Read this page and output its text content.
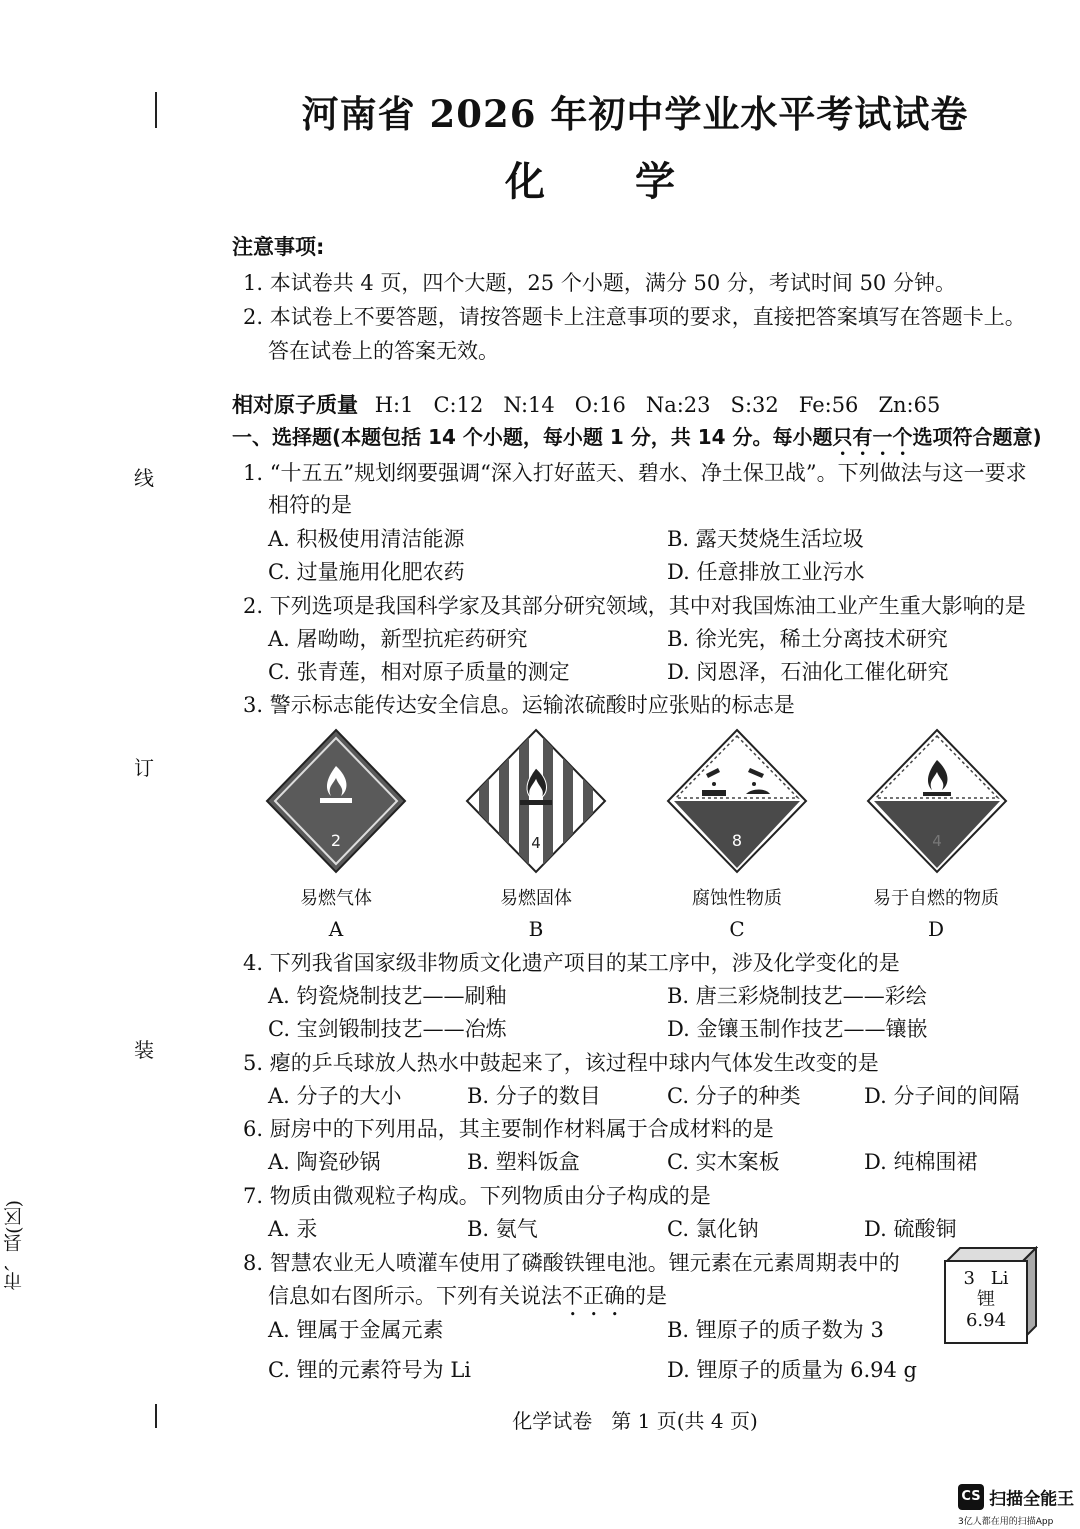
线
订
装
市、县(区)
河南省 2026 年初中学业水平考试试卷
化学
注意事项:
1. 本试卷共 4 页，四个大题，25 个小题，满分 50 分，考试时间 50 分钟。
2. 本试卷上不要答题，请按答题卡上注意事项的要求，直接把答案填写在答题卡上。
答在试卷上的答案无效。
相对原子质量 H:1   C:12   N:14   O:16   Na:23   S:32   Fe:56   Zn:65
一、选择题(本题包括 14 个小题，每小题 1 分，共 14 分。每小题只有一个选项符合题意)
1. “十五五”规划纲要强调“深入打好蓝天、碧水、净土保卫战”。下列做法与这一要求
相符的是
A. 积极使用清洁能源	B. 露天焚烧生活垃圾
C. 过量施用化肥农药	D. 任意排放工业污水
2. 下列选项是我国科学家及其部分研究领域，其中对我国炼油工业产生重大影响的是
A. 屠呦呦，新型抗疟药研究	B. 徐光宪，稀土分离技术研究
C. 张青莲，相对原子质量的测定	D. 闵恩泽，石油化工催化研究
3. 警示标志能传达安全信息。运输浓硫酸时应张贴的标志是
2
易燃气体
A
4
易燃固体
B
8
腐蚀性物质
C
4
易于自燃的物质
D
4. 下列我省国家级非物质文化遗产项目的某工序中，涉及化学变化的是
A. 钧瓷烧制技艺——刷釉	B. 唐三彩烧制技艺——彩绘
C. 宝剑锻制技艺——冶炼	D. 金镶玉制作技艺——镶嵌
5. 瘪的乒乓球放人热水中鼓起来了，该过程中球内气体发生改变的是
A. 分子的大小	B. 分子的数目	C. 分子的种类	D. 分子间的间隔
6. 厨房中的下列用品，其主要制作材料属于合成材料的是
A. 陶瓷砂锅	B. 塑料饭盒	C. 实木案板	D. 纯棉围裙
7. 物质由微观粒子构成。下列物质由分子构成的是
A. 汞	B. 氨气	C. 氯化钠	D. 硫酸铜
8. 智慧农业无人喷灌车使用了磷酸铁锂电池。锂元素在元素周期表中的
信息如右图所示。下列有关说法不正确的是
A. 锂属于金属元素	B. 锂原子的质子数为 3
C. 锂的元素符号为 Li	D. 锂原子的质量为 6.94 g
3 Li
锂
6.94
化学试卷   第 1 页(共 4 页)
CS 扫描全能王
3亿人都在用的扫描App
